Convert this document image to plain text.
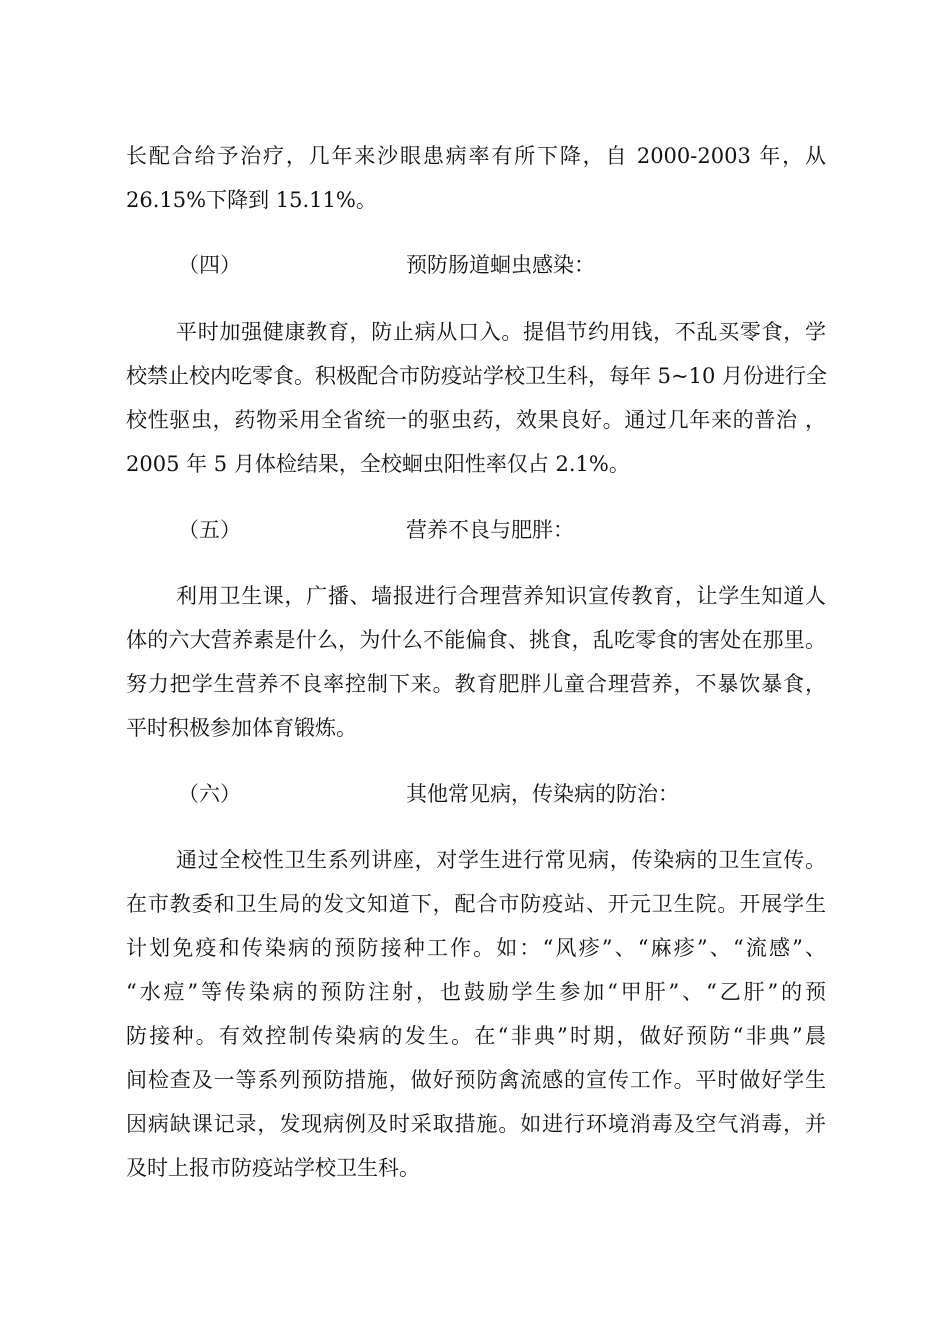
长配合给予治疗，几年来沙眼患病率有所下降，自 2000-2003 年，从
26.15%下降到 15.11%。
（四）	预防肠道蛔虫感染：
平时加强健康教育，防止病从口入。提倡节约用钱，不乱买零食，学
校禁止校内吃零食。积极配合市防疫站学校卫生科，每年 5~10 月份进行全
校性驱虫，药物采用全省统一的驱虫药，效果良好。通过几年来的普治 ，
2005 年 5 月体检结果，全校蛔虫阳性率仅占 2.1%。
（五）	营养不良与肥胖：
利用卫生课，广播、墙报进行合理营养知识宣传教育，让学生知道人
体的六大营养素是什么，为什么不能偏食、挑食，乱吃零食的害处在那里。
努力把学生营养不良率控制下来。教育肥胖儿童合理营养，不暴饮暴食，
平时积极参加体育锻炼。
（六）	其他常见病，传染病的防治：
通过全校性卫生系列讲座，对学生进行常见病，传染病的卫生宣传。
在市教委和卫生局的发文知道下，配合市防疫站、开元卫生院。开展学生
计划免疫和传染病的预防接种工作。如：“风疹”、“麻疹”、“流感”、
“水痘”等传染病的预防注射，也鼓励学生参加“甲肝”、“乙肝”的预
防接种。有效控制传染病的发生。在“非典”时期，做好预防“非典”晨
间检查及一等系列预防措施，做好预防禽流感的宣传工作。平时做好学生
因病缺课记录，发现病例及时采取措施。如进行环境消毒及空气消毒，并
及时上报市防疫站学校卫生科。
